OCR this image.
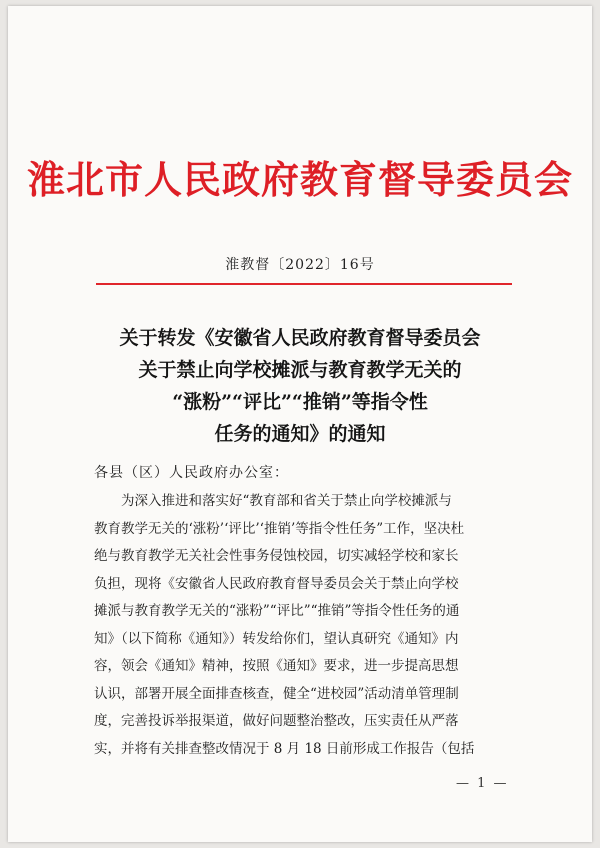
淮北市人民政府教育督导委员会
淮教督〔2022〕16号
关于转发《安徽省人民政府教育督导委员会
关于禁止向学校摊派与教育教学无关的
“涨粉”“评比”“推销”等指令性
任务的通知》的通知
各县（区）人民政府办公室：
为深入推进和落实好“教育部和省关于禁止向学校摊派与
教育教学无关的‘涨粉’‘评比’‘推销’等指令性任务”工作，坚决杜
绝与教育教学无关社会性事务侵蚀校园，切实减轻学校和家长
负担，现将《安徽省人民政府教育督导委员会关于禁止向学校
摊派与教育教学无关的“涨粉”“评比”“推销”等指令性任务的通
知》（以下简称《通知》）转发给你们，望认真研究《通知》内
容，领会《通知》精神，按照《通知》要求，进一步提高思想
认识，部署开展全面排查核查，健全“进校园”活动清单管理制
度，完善投诉举报渠道，做好问题整治整改，压实责任从严落
实，并将有关排查整改情况于 8 月 18 日前形成工作报告（包括
— 1 —
